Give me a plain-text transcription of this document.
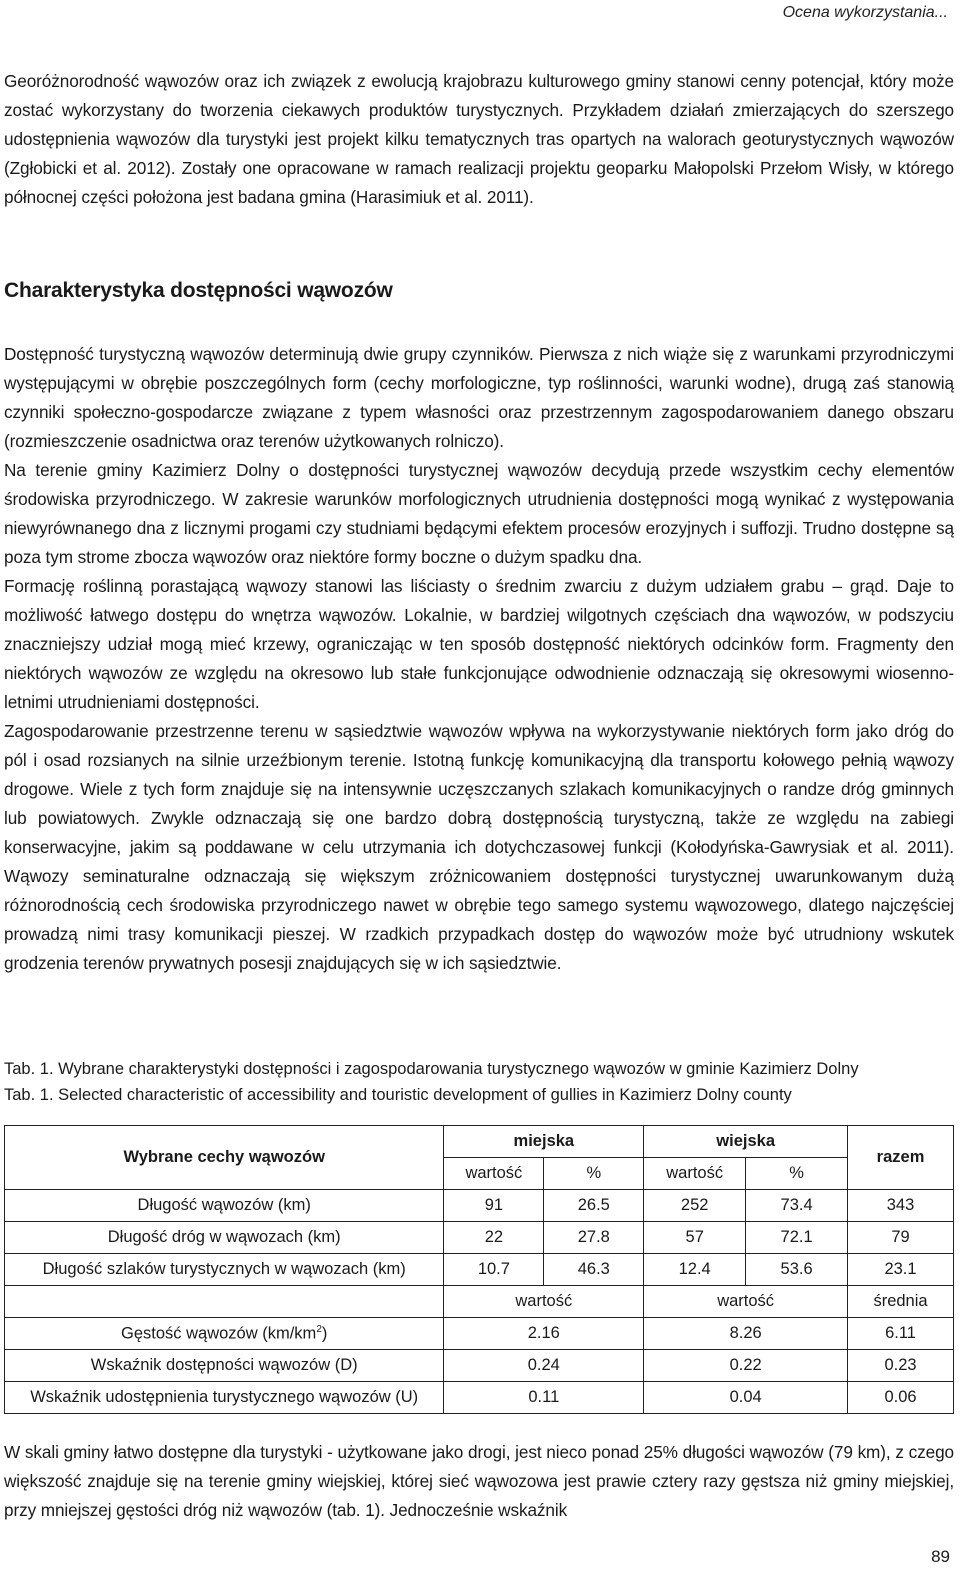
Ocena wykorzystania...

Georóżnorodność wąwozów oraz ich związek z ewolucją krajobrazu kulturowego gminy stanowi cenny potencjał, który może zostać wykorzystany do tworzenia ciekawych produktów turystycznych. Przykładem działań zmierzających do szerszego udostępnienia wąwozów dla turystyki jest projekt kilku tematycznych tras opartych na walorach geoturystycznych wąwozów (Zgłobicki et al. 2012). Zostały one opracowane w ramach realizacji projektu geoparku Małopolski Przełom Wisły, w którego północnej części położona jest badana gmina (Harasimiuk et al. 2011).

Charakterystyka dostępności wąwozów

Dostępność turystyczną wąwozów determinują dwie grupy czynników. Pierwsza z nich wiąże się z warunkami przyrodniczymi występującymi w obrębie poszczególnych form (cechy morfologiczne, typ roślinności, warunki wodne), drugą zaś stanowią czynniki społeczno-gospodarcze związane z typem własności oraz przestrzennym zagospodarowaniem danego obszaru (rozmieszczenie osadnictwa oraz terenów użytkowanych rolniczo).

Na terenie gminy Kazimierz Dolny o dostępności turystycznej wąwozów decydują przede wszystkim cechy elementów środowiska przyrodniczego. W zakresie warunków morfologicznych utrudnienia dostępności mogą wynikać z występowania niewyrównanego dna z licznymi progami czy studniami będącymi efektem procesów erozyjnych i suffozji. Trudno dostępne są poza tym strome zbocza wąwozów oraz niektóre formy boczne o dużym spadku dna.

Formację roślinną porastającą wąwozy stanowi las liściasty o średnim zwarciu z dużym udziałem grabu – grąd. Daje to możliwość łatwego dostępu do wnętrza wąwozów. Lokalnie, w bardziej wilgotnych częściach dna wąwozów, w podszyciu znaczniejszy udział mogą mieć krzewy, ograniczając w ten sposób dostępność niektórych odcinków form. Fragmenty den niektórych wąwozów ze względu na okresowo lub stałe funkcjonujące odwodnienie odznaczają się okresowymi wiosenno-letnimi utrudnieniami dostępności.

Zagospodarowanie przestrzenne terenu w sąsiedztwie wąwozów wpływa na wykorzystywanie niektórych form jako dróg do pól i osad rozsianych na silnie urzeźbionym terenie. Istotną funkcję komunikacyjną dla transportu kołowego pełnią wąwozy drogowe. Wiele z tych form znajduje się na intensywnie uczęszczanych szlakach komunikacyjnych o randze dróg gminnych lub powiatowych. Zwykle odznaczają się one bardzo dobrą dostępnością turystyczną, także ze względu na zabiegi konserwacyjne, jakim są poddawane w celu utrzymania ich dotychczasowej funkcji (Kołodyńska-Gawrysiak et al. 2011). Wąwozy seminaturalne odznaczają się większym zróżnicowaniem dostępności turystycznej uwarunkowanym dużą różnorodnością cech środowiska przyrodniczego nawet w obrębie tego samego systemu wąwozowego, dlatego najczęściej prowadzą nimi trasy komunikacji pieszej. W rzadkich przypadkach dostęp do wąwozów może być utrudniony wskutek grodzenia terenów prywatnych posesji znajdujących się w ich sąsiedztwie.

Tab. 1. Wybrane charakterystyki dostępności i zagospodarowania turystycznego wąwozów w gminie Kazimierz Dolny

Tab. 1. Selected characteristic of accessibility and touristic development of gullies in Kazimierz Dolny county

Wybrane cechy wąwozów	miejska		wiejska		razem
	wartość	%	wartość	%	
Długość wąwozów (km)	91	26.5	252	73.4	343
Długość dróg w wąwozach (km)	22	27.8	57	72.1	79
Długość szlaków turystycznych w wąwozach (km)	10.7	46.3	12.4	53.6	23.1
	wartość		wartość		średnia
Gęstość wąwozów $(km/km^2)$	2.16		8.26		6.11
Wskaźnik dostępności wąwozów (D)	0.24		0.22		0.23
Wskaźnik udostępnienia turystycznego wąwozów (U)	0.11		0.04		0.06

W skali gminy łatwo dostępne dla turystyki - użytkowane jako drogi, jest nieco ponad 25% długości wąwozów (79 km), z czego większość znajduje się na terenie gminy wiejskiej, której sieć wąwozowa jest prawie cztery razy gęstsza niż gminy miejskiej, przy mniejszej gęstości dróg niż wąwozów (tab. 1). Jednocześnie wskaźnik

89
